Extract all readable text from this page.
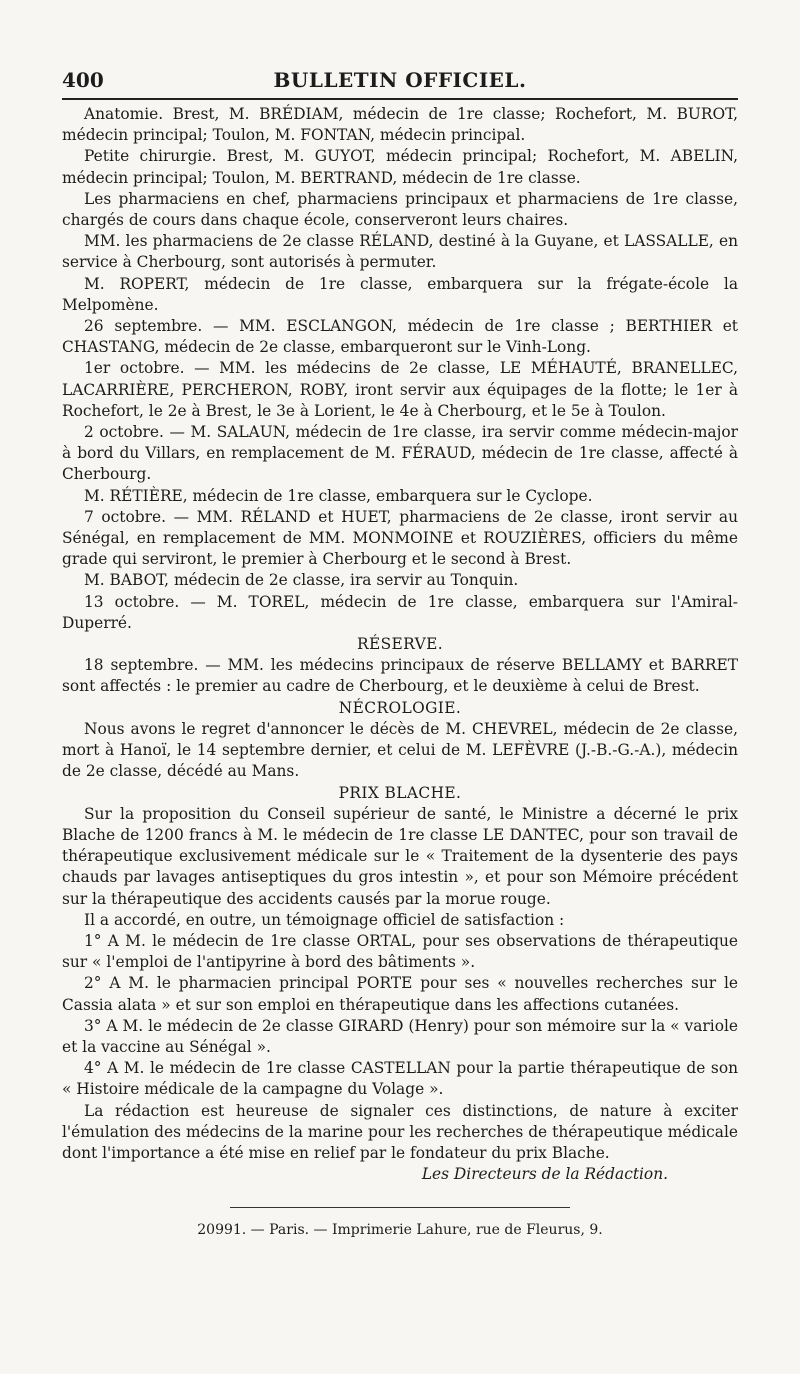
400	BULLETIN OFFICIEL.

Anatomie. Brest, M. BRÉDIAM, médecin de 1re classe; Rochefort, M. BUROT, médecin principal; Toulon, M. FONTAN, médecin principal.

Petite chirurgie. Brest, M. GUYOT, médecin principal; Rochefort, M. ABELIN, médecin principal; Toulon, M. BERTRAND, médecin de 1re classe.

Les pharmaciens en chef, pharmaciens principaux et pharmaciens de 1re classe, chargés de cours dans chaque école, conserveront leurs chaires.

MM. les pharmaciens de 2e classe RÉLAND, destiné à la Guyane, et LASSALLE, en service à Cherbourg, sont autorisés à permuter.

M. ROPERT, médecin de 1re classe, embarquera sur la frégate-école la Melpomène.

26 septembre. — MM. ESCLANGON, médecin de 1re classe ; BERTHIER et CHASTANG, médecin de 2e classe, embarqueront sur le Vinh-Long.

1er octobre. — MM. les médecins de 2e classe, LE MÉHAUTÉ, BRANELLEC, LACARRIÈRE, PERCHERON, ROBY, iront servir aux équipages de la flotte; le 1er à Rochefort, le 2e à Brest, le 3e à Lorient, le 4e à Cherbourg, et le 5e à Toulon.

2 octobre. — M. SALAUN, médecin de 1re classe, ira servir comme médecin-major à bord du Villars, en remplacement de M. FÉRAUD, médecin de 1re classe, affecté à Cherbourg.

M. RÉTIÈRE, médecin de 1re classe, embarquera sur le Cyclope.

7 octobre. — MM. RÉLAND et HUET, pharmaciens de 2e classe, iront servir au Sénégal, en remplacement de MM. MONMOINE et ROUZIÈRES, officiers du même grade qui serviront, le premier à Cherbourg et le second à Brest.

M. BABOT, médecin de 2e classe, ira servir au Tonquin.

13 octobre. — M. TOREL, médecin de 1re classe, embarquera sur l'Amiral-Duperré.

RÉSERVE.

18 septembre. — MM. les médecins principaux de réserve BELLAMY et BARRET sont affectés : le premier au cadre de Cherbourg, et le deuxième à celui de Brest.

NÉCROLOGIE.

Nous avons le regret d'annoncer le décès de M. CHEVREL, médecin de 2e classe, mort à Hanoï, le 14 septembre dernier, et celui de M. LEFÈVRE (J.-B.-G.-A.), médecin de 2e classe, décédé au Mans.

PRIX BLACHE.

Sur la proposition du Conseil supérieur de santé, le Ministre a décerné le prix Blache de 1200 francs à M. le médecin de 1re classe LE DANTEC, pour son travail de thérapeutique exclusivement médicale sur le « Traitement de la dysenterie des pays chauds par lavages antiseptiques du gros intestin », et pour son Mémoire précédent sur la thérapeutique des accidents causés par la morue rouge.

Il a accordé, en outre, un témoignage officiel de satisfaction :

1° A M. le médecin de 1re classe ORTAL, pour ses observations de thérapeutique sur « l'emploi de l'antipyrine à bord des bâtiments ».

2° A M. le pharmacien principal PORTE pour ses « nouvelles recherches sur le Cassia alata » et sur son emploi en thérapeutique dans les affections cutanées.

3° A M. le médecin de 2e classe GIRARD (Henry) pour son mémoire sur la « variole et la vaccine au Sénégal ».

4° A M. le médecin de 1re classe CASTELLAN pour la partie thérapeutique de son « Histoire médicale de la campagne du Volage ».

La rédaction est heureuse de signaler ces distinctions, de nature à exciter l'émulation des médecins de la marine pour les recherches de thérapeutique médicale dont l'importance a été mise en relief par le fondateur du prix Blache.

Les Directeurs de la Rédaction.
20991. — Paris. — Imprimerie Lahure, rue de Fleurus, 9.
